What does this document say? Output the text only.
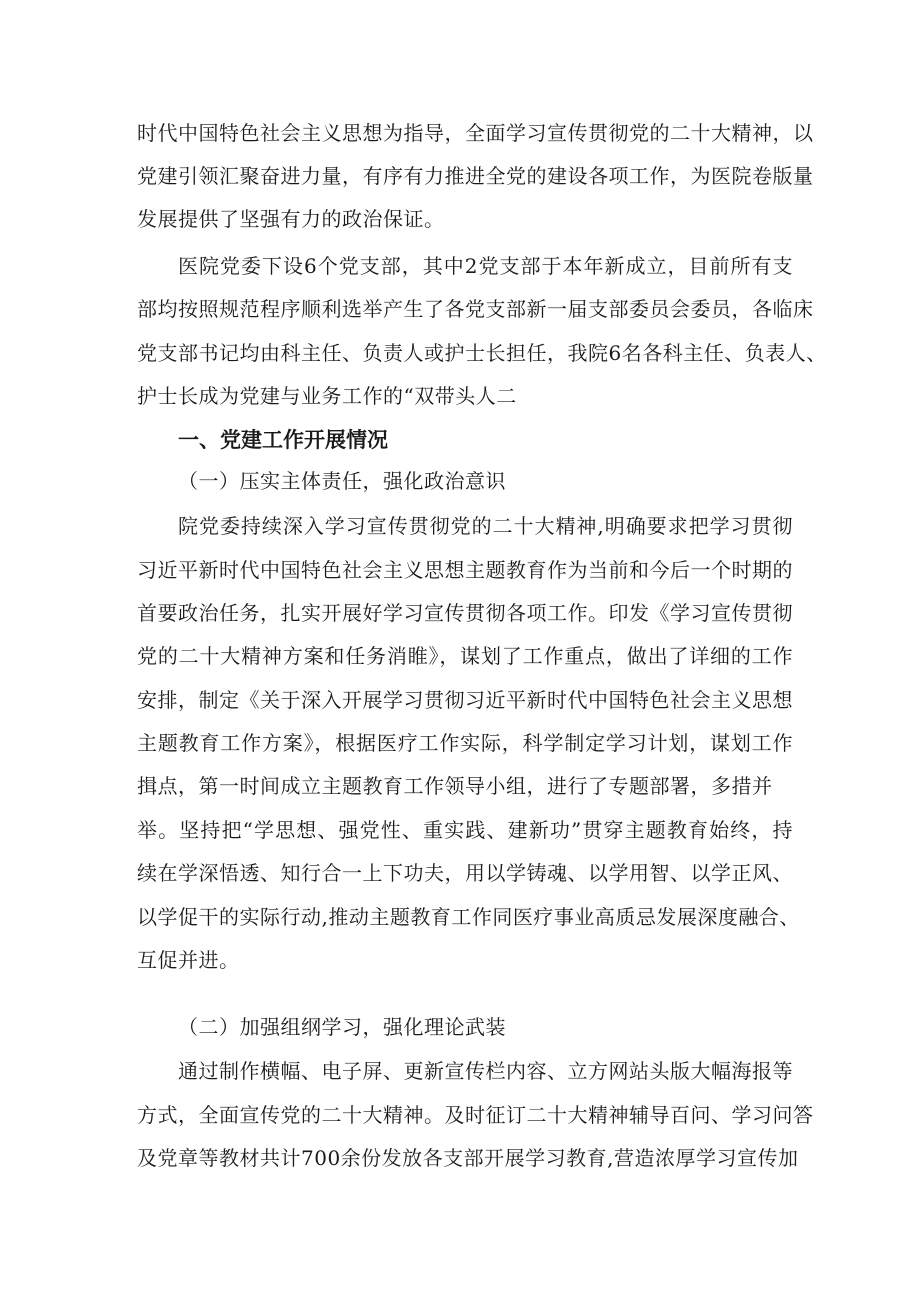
时代中国特色社会主义思想为指导，全面学习宣传贯彻党的二十大精神，以
党建引领汇聚奋进力量，有序有力推进全党的建设各项工作，为医院卷版量
发展提供了坚强有力的政治保证。
医院党委下设6个党支部，其中2党支部于本年新成立，目前所有支
部均按照规范程序顺利选举产生了各党支部新一届支部委员会委员，各临床
党支部书记均由科主任、负责人或护士长担任，我院6名各科主任、负表人、
护士长成为党建与业务工作的“双带头人二
一、党建工作开展情况
（一）压实主体责任，强化政治意识
院党委持续深入学习宣传贯彻党的二十大精神,明确要求把学习贯彻
习近平新时代中国特色社会主义思想主题教育作为当前和今后一个时期的
首要政治任务，扎实开展好学习宣传贯彻各项工作。印发《学习宣传贯彻
党的二十大精神方案和任务消睢》，谋划了工作重点，做出了详细的工作
安排，制定《关于深入开展学习贯彻习近平新时代中国特色社会主义思想
主题教育工作方案》，根据医疗工作实际，科学制定学习计划，谋划工作
揖点，第一时间成立主题教育工作领导小组，进行了专题部署，多措并
举。坚持把“学思想、强党性、重实践、建新功”贯穿主题教育始终，持
续在学深悟透、知行合一上下功夫，用以学铸魂、以学用智、以学正风、
以学促干的实际行动,推动主题教育工作同医疗事业高质忌发展深度融合、
互促并进。
（二）加强组纲学习，强化理论武装
通过制作横幅、电子屏、更新宣传栏内容、立方网站头版大幅海报等
方式，全面宣传党的二十大精神。及时征订二十大精神辅导百问、学习问答
及党章等教材共计700余份发放各支部开展学习教育,营造浓厚学习宣传加
